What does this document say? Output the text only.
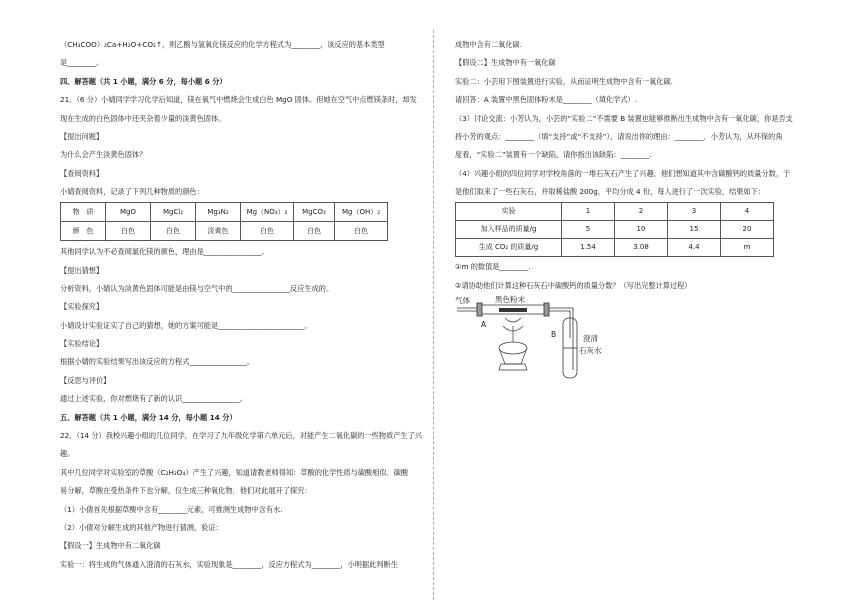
（CH₃COO）₂Ca+H₂O+CO₂↑，则乙酸与氢氧化镁反应的化学方程式为________，该反应的基本类型

是________。

四、解答题（共 1 小题，满分 6 分，每小题 6 分）

21．（6 分）小婧同学学习化学后知道，镁在氧气中燃烧会生成白色 MgO 固体。但她在空气中点燃镁条时，却发

现在生成的白色固体中还夹杂着少量的淡黄色固体。

【提出问题】

为什么会产生淡黄色固体？

【查阅资料】

小婧查阅资料，记录了下列几种物质的颜色：

物　质	MgO	MgCl₂	Mg₃N₂	Mg（NO₃）₂	MgCO₃	Mg（OH）₂
颜　色	白色	白色	淡黄色	白色	白色	白色

其他同学认为不必查阅氯化镁的颜色，理由是________________。

【提出猜想】

分析资料，小婧认为淡黄色固体可能是由镁与空气中的________________反应生成的。

【实验探究】

小婧设计实验证实了自己的猜想，她的方案可能是________________________。

【实验结论】

根据小婧的实验结果写出该反应的方程式________________。

【反思与评价】

通过上述实验，你对燃烧有了新的认识________________。

五、解答题（共 1 小题，满分 14 分，每小题 14 分）

22．（14 分）我校兴趣小组的几位同学，在学习了九年级化学第六单元后，对能产生二氧化碳的一些物质产生了兴

趣。

其中几位同学对实验室的草酸（C₂H₂O₄）产生了兴趣，知道请教老师得知：草酸的化学性质与碳酸相似．碳酸

易分解，草酸在受热条件下也分解，仅生成三种氧化物．他们对此展开了探究：

（1）小倩首先根据草酸中含有________元素，可推测生成物中含有水.

（2）小倩对分解生成的其他产物进行猜测、验证：

【假设一】生成物中有二氧化碳

实验一：将生成的气体通入澄清的石灰水，实验现象是________，反应方程式为________，小明据此判断生

成物中含有二氧化碳.

【假设二】生成物中有一氧化碳

实验二：小芸用下图装置进行实验，从而证明生成物中含有一氧化碳.

请回答：A 装置中黑色固体粉末是________（填化学式）.

（3）讨论交流：小芳认为，小芸的“实验二”不需要 B 装置也能够推断出生成物中含有一氧化碳，你是否支

持小芳的观点：________（填“支持”或“不支持”），请说出你的理由：________．小芳认为，从环保的角

度看，“实验二”装置有一个缺陷，请你指出该缺陷：________.

（4）兴趣小组的四位同学对学校角落的一堆石灰石产生了兴趣，他们想知道其中含碳酸钙的质量分数，于

是他们取来了一些石灰石，并取稀盐酸 200g，平均分成 4 份，每人进行了一次实验，结果如下：

实验	1	2	3	4
加入样品的质量/g	5	10	15	20
生成 CO₂ 的质量/g	1.54	3.08	4.4	m

①m 的数值是________.

②请协助他们计算这种石灰石中碳酸钙的质量分数？（写出完整计算过程）

气体	黑色粉末
A
B	澄清
石灰水
